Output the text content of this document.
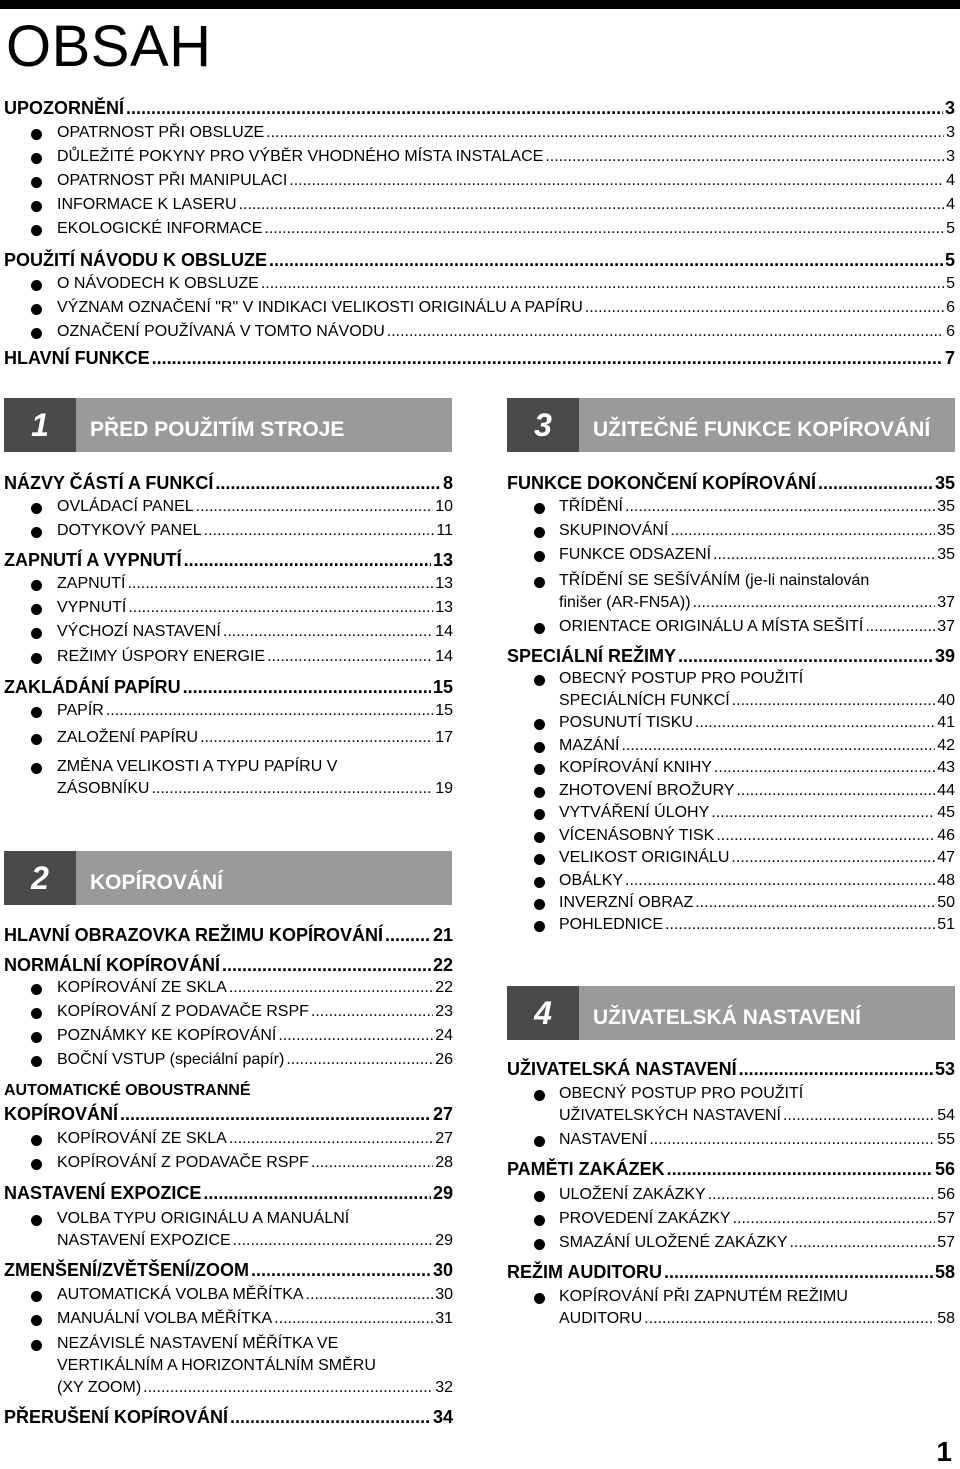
OBSAH
UPOZORNĚNÍ .....	3
OPATRNOST PŘI OBSLUZE .....	3
DŮLEŽITÉ POKYNY PRO VÝBĚR VHODNÉHO MÍSTA INSTALACE .....	3
OPATRNOST PŘI MANIPULACI .....	4
INFORMACE K LASERU .....	4
EKOLOGICKÉ INFORMACE .....	5
POUŽITÍ NÁVODU K OBSLUZE .....	5
O NÁVODECH K OBSLUZE .....	5
VÝZNAM OZNAČENÍ "R" V INDIKACI VELIKOSTI ORIGINÁLU A PAPÍRU .....	6
OZNAČENÍ POUŽÍVANÁ V TOMTO NÁVODU .....	6
HLAVNÍ FUNKCE .....	7
NÁZVY ČÁSTÍ A FUNKCÍ .....	8
OVLÁDACÍ PANEL .....	10
DOTYKOVÝ PANEL .....	11
ZAPNUTÍ A VYPNUTÍ .....	13
ZAPNUTÍ .....	13
VYPNUTÍ .....	13
VÝCHOZÍ NASTAVENÍ .....	14
REŽIMY ÚSPORY ENERGIE .....	14
ZAKLÁDÁNÍ PAPÍRU .....	15
PAPÍR .....	15
ZALOŽENÍ PAPÍRU .....	17
ZMĚNA VELIKOSTI A TYPU PAPÍRU V
ZÁSOBNÍKU .....	19
HLAVNÍ OBRAZOVKA REŽIMU KOPÍROVÁNÍ .....	21
NORMÁLNÍ KOPÍROVÁNÍ .....	22
KOPÍROVÁNÍ ZE SKLA .....	22
KOPÍROVÁNÍ Z PODAVAČE RSPF .....	23
POZNÁMKY KE KOPÍROVÁNÍ .....	24
BOČNÍ VSTUP (speciální papír) .....	26
AUTOMATICKÉ OBOUSTRANNÉ
KOPÍROVÁNÍ .....	27
KOPÍROVÁNÍ ZE SKLA .....	27
KOPÍROVÁNÍ Z PODAVAČE RSPF .....	28
NASTAVENÍ EXPOZICE .....	29
VOLBA TYPU ORIGINÁLU A MANUÁLNÍ
NASTAVENÍ EXPOZICE .....	29
ZMENŠENÍ/ZVĚTŠENÍ/ZOOM .....	30
AUTOMATICKÁ VOLBA MĚŘÍTKA .....	30
MANUÁLNÍ VOLBA MĚŘÍTKA .....	31
NEZÁVISLÉ NASTAVENÍ MĚŘÍTKA VE
VERTIKÁLNÍM A HORIZONTÁLNÍM SMĚRU
(XY ZOOM) .....	32
PŘERUŠENÍ KOPÍROVÁNÍ .....	34
FUNKCE DOKONČENÍ KOPÍROVÁNÍ .....	35
TŘÍDĚNÍ .....	35
SKUPINOVÁNÍ .....	35
FUNKCE ODSAZENÍ .....	35
TŘÍDĚNÍ SE SEŠÍVÁNÍM (je-li nainstalován
finišer (AR-FN5A)) .....	37
ORIENTACE ORIGINÁLU A MÍSTA SEŠITÍ .....	37
SPECIÁLNÍ REŽIMY .....	39
OBECNÝ POSTUP PRO POUŽITÍ
SPECIÁLNÍCH FUNKCÍ .....	40
POSUNUTÍ TISKU .....	41
MAZÁNÍ .....	42
KOPÍROVÁNÍ KNIHY .....	43
ZHOTOVENÍ BROŽURY .....	44
VYTVÁŘENÍ ÚLOHY .....	45
VÍCENÁSOBNÝ TISK .....	46
VELIKOST ORIGINÁLU .....	47
OBÁLKY .....	48
INVERZNÍ OBRAZ .....	50
POHLEDNICE .....	51
UŽIVATELSKÁ NASTAVENÍ .....	53
OBECNÝ POSTUP PRO POUŽITÍ
UŽIVATELSKÝCH NASTAVENÍ .....	54
NASTAVENÍ .....	55
PAMĚTI ZAKÁZEK .....	56
ULOŽENÍ ZAKÁZKY .....	56
PROVEDENÍ ZAKÁZKY .....	57
SMAZÁNÍ ULOŽENÉ ZAKÁZKY .....	57
REŽIM AUDITORU .....	58
KOPÍROVÁNÍ PŘI ZAPNUTÉM REŽIMU
AUDITORU .....	58
1	PŘED POUŽITÍM STROJE
2	KOPÍROVÁNÍ
3	UŽITEČNÉ FUNKCE KOPÍROVÁNÍ
4	UŽIVATELSKÁ NASTAVENÍ
1
